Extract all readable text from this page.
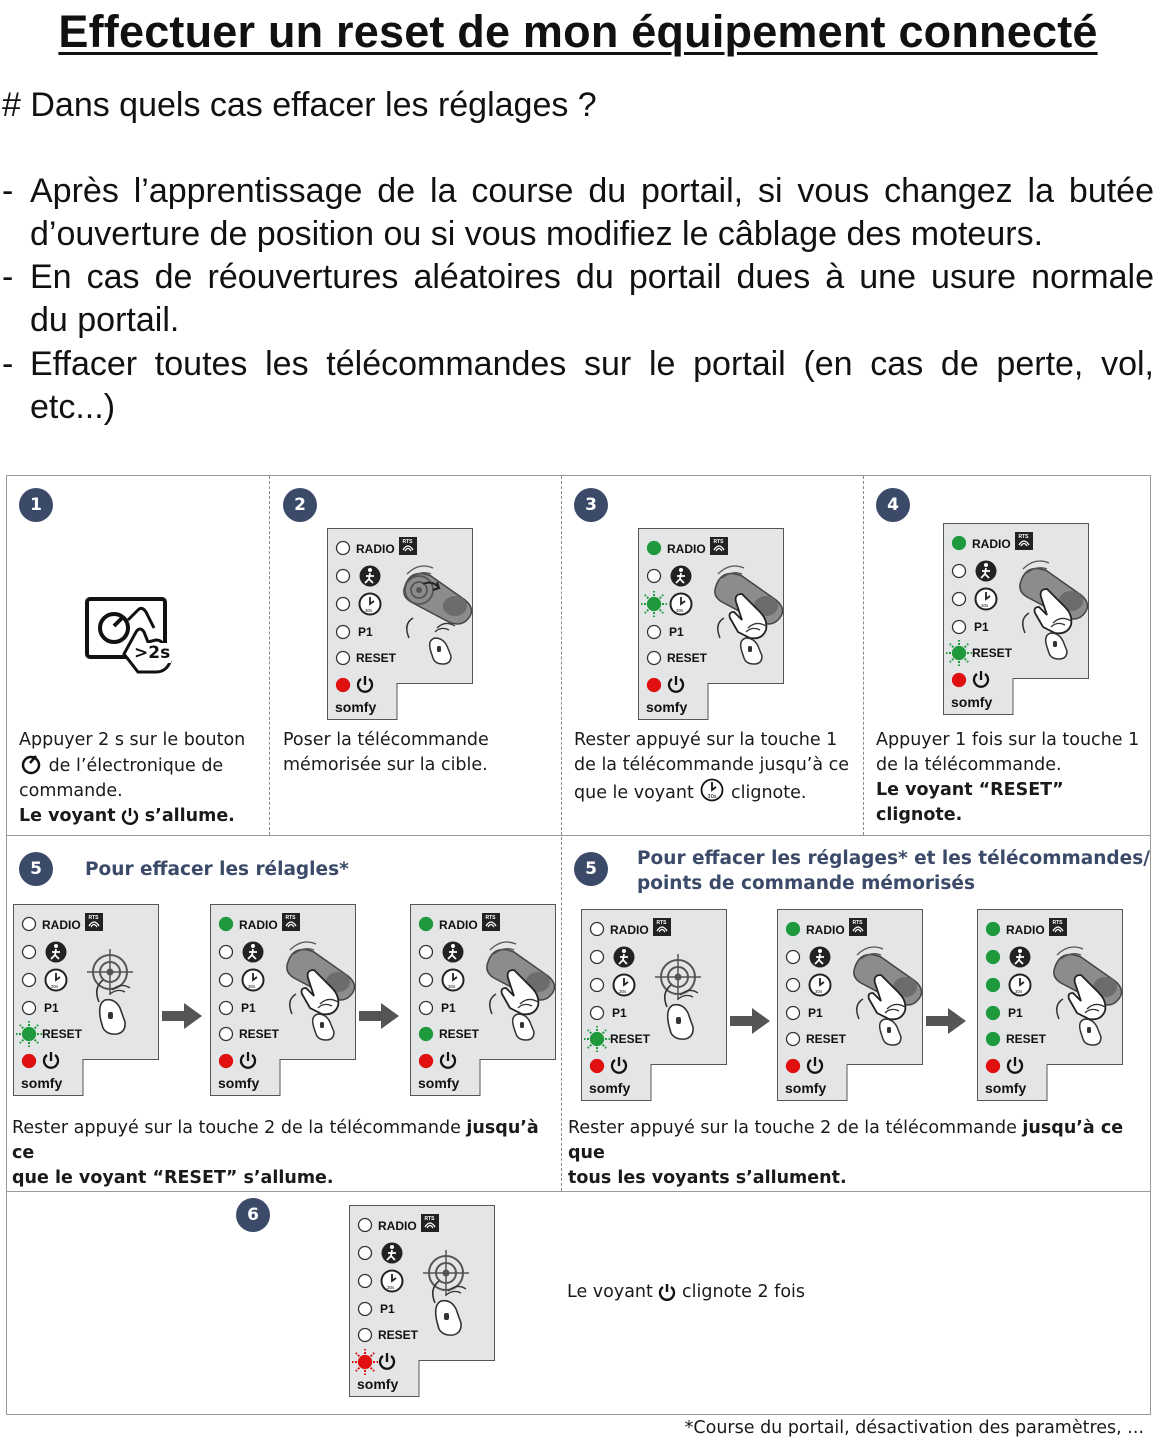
Effectuer un reset de mon équipement connecté
# Dans quels cas effacer les réglages ?
- Après l’apprentissage de la course du portail, si vous changez la butée
d’ouverture de position ou si vous modifiez le câblage des moteurs.
- En cas de réouvertures aléatoires du portail dues à une usure normale
du portail.
- Effacer toutes les télécommandes sur le portail (en cas de perte, vol,
etc...)
1
>2s
Appuyer 2 s sur le bouton
de l’électronique de
commande.
Le voyant s’allume.
2
RADIO RTS
30s
P1
RESET
somfy
Poser la télécommande
mémorisée sur la cible.
3
RADIO RTS
30s
P1
RESET
somfy
Rester appuyé sur la touche 1
de la télécommande jusqu’à ce
que le voyant	30s clignote.
4
RADIO RTS
30s
P1
RESET
somfy
Appuyer 1 fois sur la touche 1
de la télécommande.
Le voyant “RESET”
clignote.
5	Pour effacer les rélagles*
RADIO RTS
30s
P1
RESET
somfy
RADIO RTS
30s
P1
RESET
somfy
RADIO RTS
30s
P1
RESET
somfy
Rester appuyé sur la touche 2 de la télécommande jusqu’à ce
que le voyant “RESET” s’allume.
5	Pour effacer les réglages* et les télécommandes/
points de commande mémorisés
RADIO RTS
30s
P1
RESET
somfy
RADIO RTS
30s
P1
RESET
somfy
RADIO RTS
30s
P1
RESET
somfy
Rester appuyé sur la touche 2 de la télécommande jusqu’à ce que
tous les voyants s’allument.
6
RADIO RTS
30s
P1
RESET
somfy
Le voyant clignote 2 fois
*Course du portail, désactivation des paramètres, ...
